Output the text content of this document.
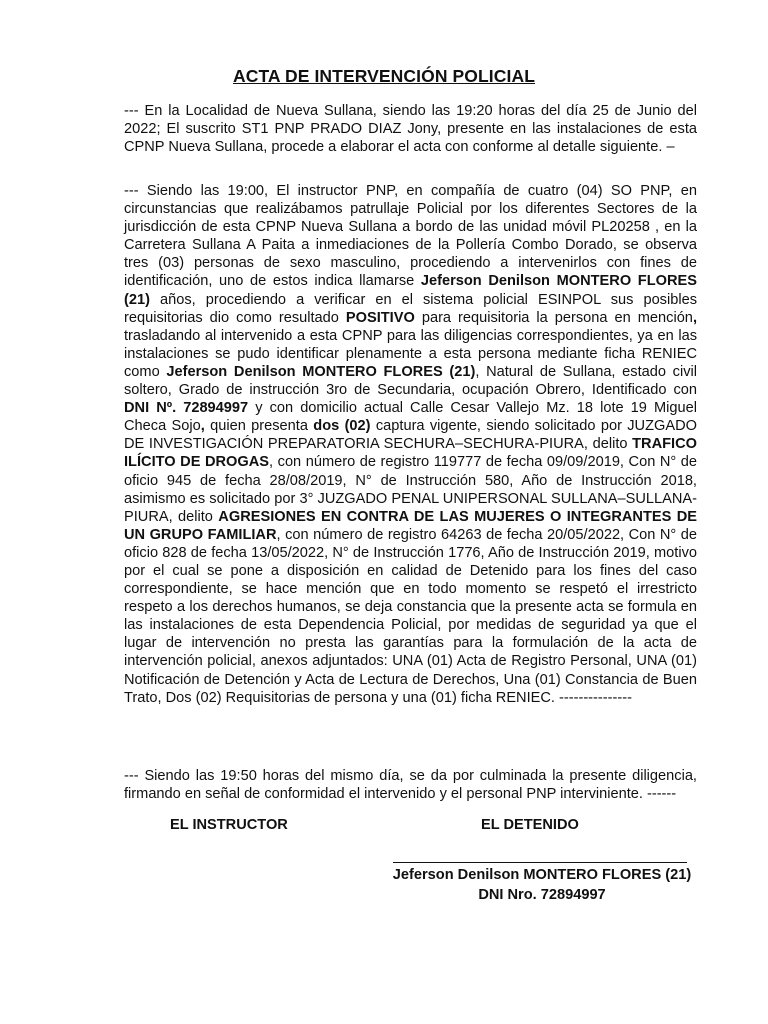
ACTA DE INTERVENCIÓN POLICIAL
--- En la Localidad de Nueva Sullana, siendo las 19:20 horas del día 25 de Junio del 2022; El suscrito ST1 PNP PRADO DIAZ Jony, presente en las instalaciones de esta CPNP Nueva Sullana, procede a elaborar el acta con conforme al detalle siguiente. –
--- Siendo las 19:00, El instructor PNP, en compañía de cuatro (04) SO PNP, en circunstancias que realizábamos patrullaje Policial por los diferentes Sectores de la jurisdicción de esta CPNP Nueva Sullana a bordo de las unidad móvil PL20258 , en la Carretera Sullana A Paita a inmediaciones de la Pollería Combo Dorado, se observa tres (03) personas de sexo masculino, procediendo a intervenirlos con fines de identificación, uno de estos indica llamarse Jeferson Denilson MONTERO FLORES (21) años, procediendo a verificar en el sistema policial ESINPOL sus posibles requisitorias dio como resultado POSITIVO para requisitoria la persona en mención, trasladando al intervenido a esta CPNP para las diligencias correspondientes, ya en las instalaciones se pudo identificar plenamente a esta persona mediante ficha RENIEC como Jeferson Denilson MONTERO FLORES (21), Natural de Sullana, estado civil soltero, Grado de instrucción 3ro de Secundaria, ocupación Obrero, Identificado con DNI Nº. 72894997 y con domicilio actual Calle Cesar Vallejo Mz. 18 lote 19 Miguel Checa Sojo, quien presenta dos (02) captura vigente, siendo solicitado por JUZGADO DE INVESTIGACIÓN PREPARATORIA SECHURA–SECHURA-PIURA, delito TRAFICO ILÍCITO DE DROGAS, con número de registro 119777 de fecha 09/09/2019, Con N° de oficio 945 de fecha 28/08/2019, N° de Instrucción 580, Año de Instrucción 2018, asimismo es solicitado por 3° JUZGADO PENAL UNIPERSONAL SULLANA–SULLANA-PIURA, delito AGRESIONES EN CONTRA DE LAS MUJERES O INTEGRANTES DE UN GRUPO FAMILIAR, con número de registro 64263 de fecha 20/05/2022, Con N° de oficio 828 de fecha 13/05/2022, N° de Instrucción 1776, Año de Instrucción 2019, motivo por el cual se pone a disposición en calidad de Detenido para los fines del caso correspondiente, se hace mención que en todo momento se respetó el irrestricto respeto a los derechos humanos, se deja constancia que la presente acta se formula en las instalaciones de esta Dependencia Policial, por medidas de seguridad ya que el lugar de intervención no presta las garantías para la formulación de la acta de intervención policial, anexos adjuntados: UNA (01) Acta de Registro Personal, UNA (01) Notificación de Detención y Acta de Lectura de Derechos, Una (01) Constancia de Buen Trato, Dos (02) Requisitorias de persona y una (01) ficha RENIEC. ---------------
--- Siendo las 19:50 horas del mismo día, se da por culminada la presente diligencia, firmando en señal de conformidad el intervenido y el personal PNP interviniente. ------
EL INSTRUCTOR	EL DETENIDO
Jeferson Denilson MONTERO FLORES (21)
DNI Nro. 72894997
